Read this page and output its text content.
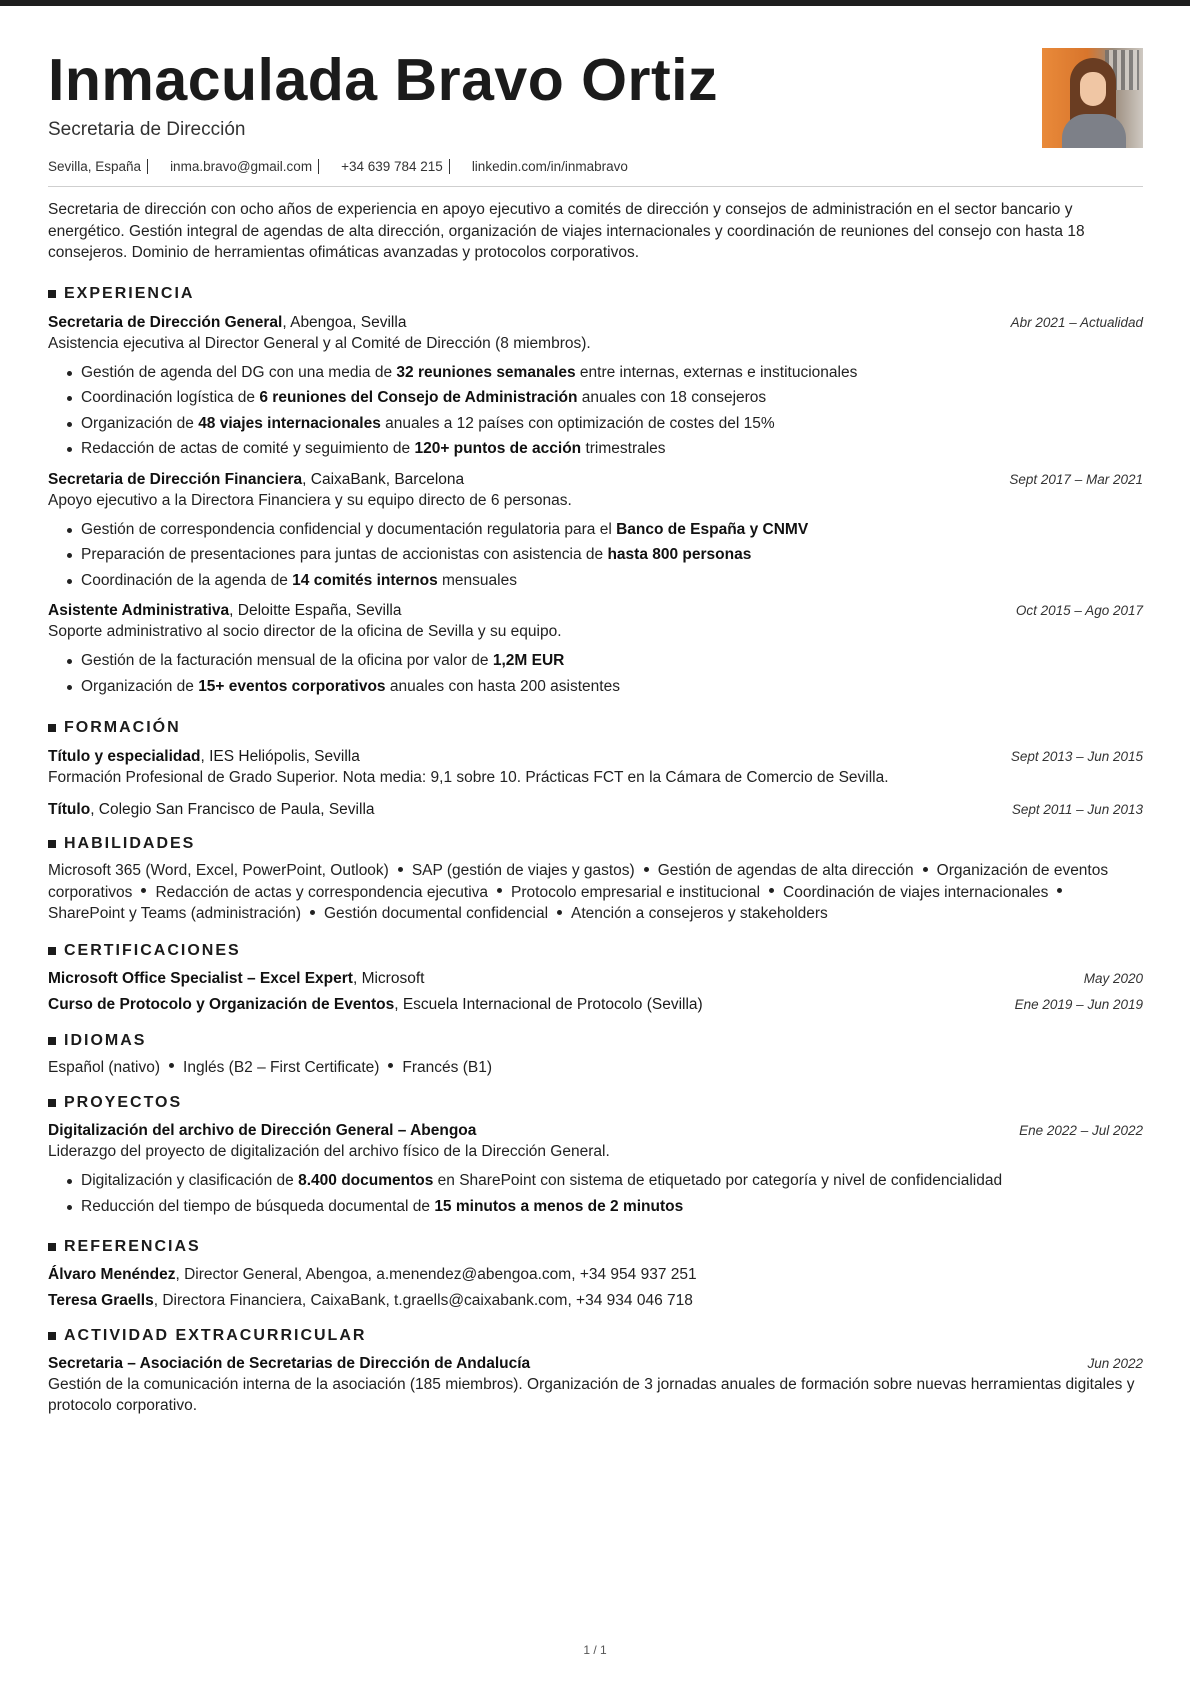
Inmaculada Bravo Ortiz
Secretaria de Dirección
Sevilla, España inma.bravo@gmail.com +34 639 784 215 linkedin.com/in/inmabravo
Secretaria de dirección con ocho años de experiencia en apoyo ejecutivo a comités de dirección y consejos de administración en el sector bancario y energético. Gestión integral de agendas de alta dirección, organización de viajes internacionales y coordinación de reuniones del consejo con hasta 18 consejeros. Dominio de herramientas ofimáticas avanzadas y protocolos corporativos.
EXPERIENCIA
Secretaria de Dirección General, Abengoa, Sevilla	Abr 2021 – Actualidad
Asistencia ejecutiva al Director General y al Comité de Dirección (8 miembros).
Gestión de agenda del DG con una media de 32 reuniones semanales entre internas, externas e institucionales
Coordinación logística de 6 reuniones del Consejo de Administración anuales con 18 consejeros
Organización de 48 viajes internacionales anuales a 12 países con optimización de costes del 15%
Redacción de actas de comité y seguimiento de 120+ puntos de acción trimestrales
Secretaria de Dirección Financiera, CaixaBank, Barcelona	Sept 2017 – Mar 2021
Apoyo ejecutivo a la Directora Financiera y su equipo directo de 6 personas.
Gestión de correspondencia confidencial y documentación regulatoria para el Banco de España y CNMV
Preparación de presentaciones para juntas de accionistas con asistencia de hasta 800 personas
Coordinación de la agenda de 14 comités internos mensuales
Asistente Administrativa, Deloitte España, Sevilla	Oct 2015 – Ago 2017
Soporte administrativo al socio director de la oficina de Sevilla y su equipo.
Gestión de la facturación mensual de la oficina por valor de 1,2M EUR
Organización de 15+ eventos corporativos anuales con hasta 200 asistentes
FORMACIÓN
Título y especialidad, IES Heliópolis, Sevilla	Sept 2013 – Jun 2015
Formación Profesional de Grado Superior. Nota media: 9,1 sobre 10. Prácticas FCT en la Cámara de Comercio de Sevilla.
Título, Colegio San Francisco de Paula, Sevilla	Sept 2011 – Jun 2013
HABILIDADES
Microsoft 365 (Word, Excel, PowerPoint, Outlook) SAP (gestión de viajes y gastos) Gestión de agendas de alta dirección Organización de eventos corporativos Redacción de actas y correspondencia ejecutiva Protocolo empresarial e institucional Coordinación de viajes internacionalesSharePoint y Teams (administración) Gestión documental confidencial Atención a consejeros y stakeholders
CERTIFICACIONES
Microsoft Office Specialist – Excel Expert, Microsoft	May 2020
Curso de Protocolo y Organización de Eventos, Escuela Internacional de Protocolo (Sevilla)	Ene 2019 – Jun 2019
IDIOMAS
Español (nativo) Inglés (B2 – First Certificate) Francés (B1)
PROYECTOS
Digitalización del archivo de Dirección General – Abengoa	Ene 2022 – Jul 2022
Liderazgo del proyecto de digitalización del archivo físico de la Dirección General.
Digitalización y clasificación de 8.400 documentos en SharePoint con sistema de etiquetado por categoría y nivel de confidencialidad
Reducción del tiempo de búsqueda documental de 15 minutos a menos de 2 minutos
REFERENCIAS
Álvaro Menéndez, Director General, Abengoa, a.menendez@abengoa.com, +34 954 937 251
Teresa Graells, Directora Financiera, CaixaBank, t.graells@caixabank.com, +34 934 046 718
ACTIVIDAD EXTRACURRICULAR
Secretaria – Asociación de Secretarias de Dirección de Andalucía	Jun 2022
Gestión de la comunicación interna de la asociación (185 miembros). Organización de 3 jornadas anuales de formación sobre nuevas herramientas digitales y protocolo corporativo.
1 / 1
